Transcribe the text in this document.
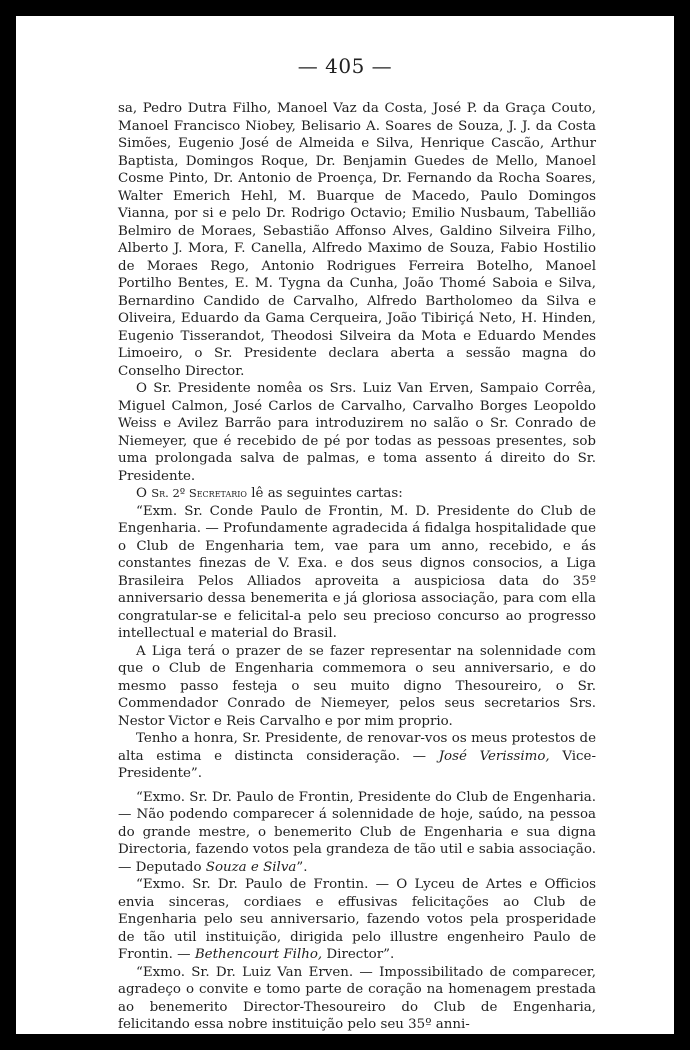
— 405 —

sa, Pedro Dutra Filho, Manoel Vaz da Costa, José P. da Graça Couto, Manoel Francisco Niobey, Belisario A. Soares de Souza, J. J. da Costa Simões, Eugenio José de Almeida e Silva, Henrique Cascão, Arthur Baptista, Domingos Roque, Dr. Benjamin Guedes de Mello, Manoel Cosme Pinto, Dr. Antonio de Proença, Dr. Fernando da Rocha Soares, Walter Emerich Hehl, M. Buarque de Macedo, Paulo Domingos Vianna, por si e pelo Dr. Rodrigo Octavio; Emilio Nusbaum, Tabellião Belmiro de Moraes, Sebastião Affonso Alves, Galdino Silveira Filho, Alberto J. Mora, F. Canella, Alfredo Maximo de Souza, Fabio Hostilio de Moraes Rego, Antonio Rodrigues Ferreira Botelho, Manoel Portilho Bentes, E. M. Tygna da Cunha, João Thomé Saboia e Silva, Bernardino Candido de Carvalho, Alfredo Bartholomeo da Silva e Oliveira, Eduardo da Gama Cerqueira, João Tibiriçá Neto, H. Hinden, Eugenio Tisserandot, Theodosi Silveira da Mota e Eduardo Mendes Limoeiro, o Sr. Presidente declara aberta a sessão magna do Conselho Director.

O Sr. Presidente nomêa os Srs. Luiz Van Erven, Sampaio Corrêa, Miguel Calmon, José Carlos de Carvalho, Carvalho Borges Leopoldo Weiss e Avilez Barrão para introduzirem no salão o Sr. Conrado de Niemeyer, que é recebido de pé por todas as pessoas presentes, sob uma prolongada salva de palmas, e toma assento á direito do Sr. Presidente.

O Sr. 2º Secretario lê as seguintes cartas:

“Exm. Sr. Conde Paulo de Frontin, M. D. Presidente do Club de Engenharia. — Profundamente agradecida á fidalga hospitalidade que o Club de Engenharia tem, vae para um anno, recebido, e ás constantes finezas de V. Exa. e dos seus dignos consocios, a Liga Brasileira Pelos Alliados aproveita a auspiciosa data do 35º anniversario dessa benemerita e já gloriosa associação, para com ella congratular-se e felicital-a pelo seu precioso concurso ao progresso intellectual e material do Brasil.

A Liga terá o prazer de se fazer representar na solennidade com que o Club de Engenharia commemora o seu anniversario, e do mesmo passo festeja o seu muito digno Thesoureiro, o Sr. Commendador Conrado de Niemeyer, pelos seus secretarios Srs. Nestor Victor e Reis Carvalho e por mim proprio.

Tenho a honra, Sr. Presidente, de renovar-vos os meus protestos de alta estima e distincta consideração. — José Verissimo, Vice-Presidente”.

“Exmo. Sr. Dr. Paulo de Frontin, Presidente do Club de Engenharia. — Não podendo comparecer á solennidade de hoje, saúdo, na pessoa do grande mestre, o benemerito Club de Engenharia e sua digna Directoria, fazendo votos pela grandeza de tão util e sabia associação. — Deputado Souza e Silva”.

“Exmo. Sr. Dr. Paulo de Frontin. — O Lyceu de Artes e Officios envia sinceras, cordiaes e effusivas felicitações ao Club de Engenharia pelo seu anniversario, fazendo votos pela prosperidade de tão util instituição, dirigida pelo illustre engenheiro Paulo de Frontin. — Bethencourt Filho, Director”.

“Exmo. Sr. Dr. Luiz Van Erven. — Impossibilitado de comparecer, agradeço o convite e tomo parte de coração na homenagem prestada ao benemerito Director-Thesoureiro do Club de Engenharia, felicitando essa nobre instituição pelo seu 35º anni-
